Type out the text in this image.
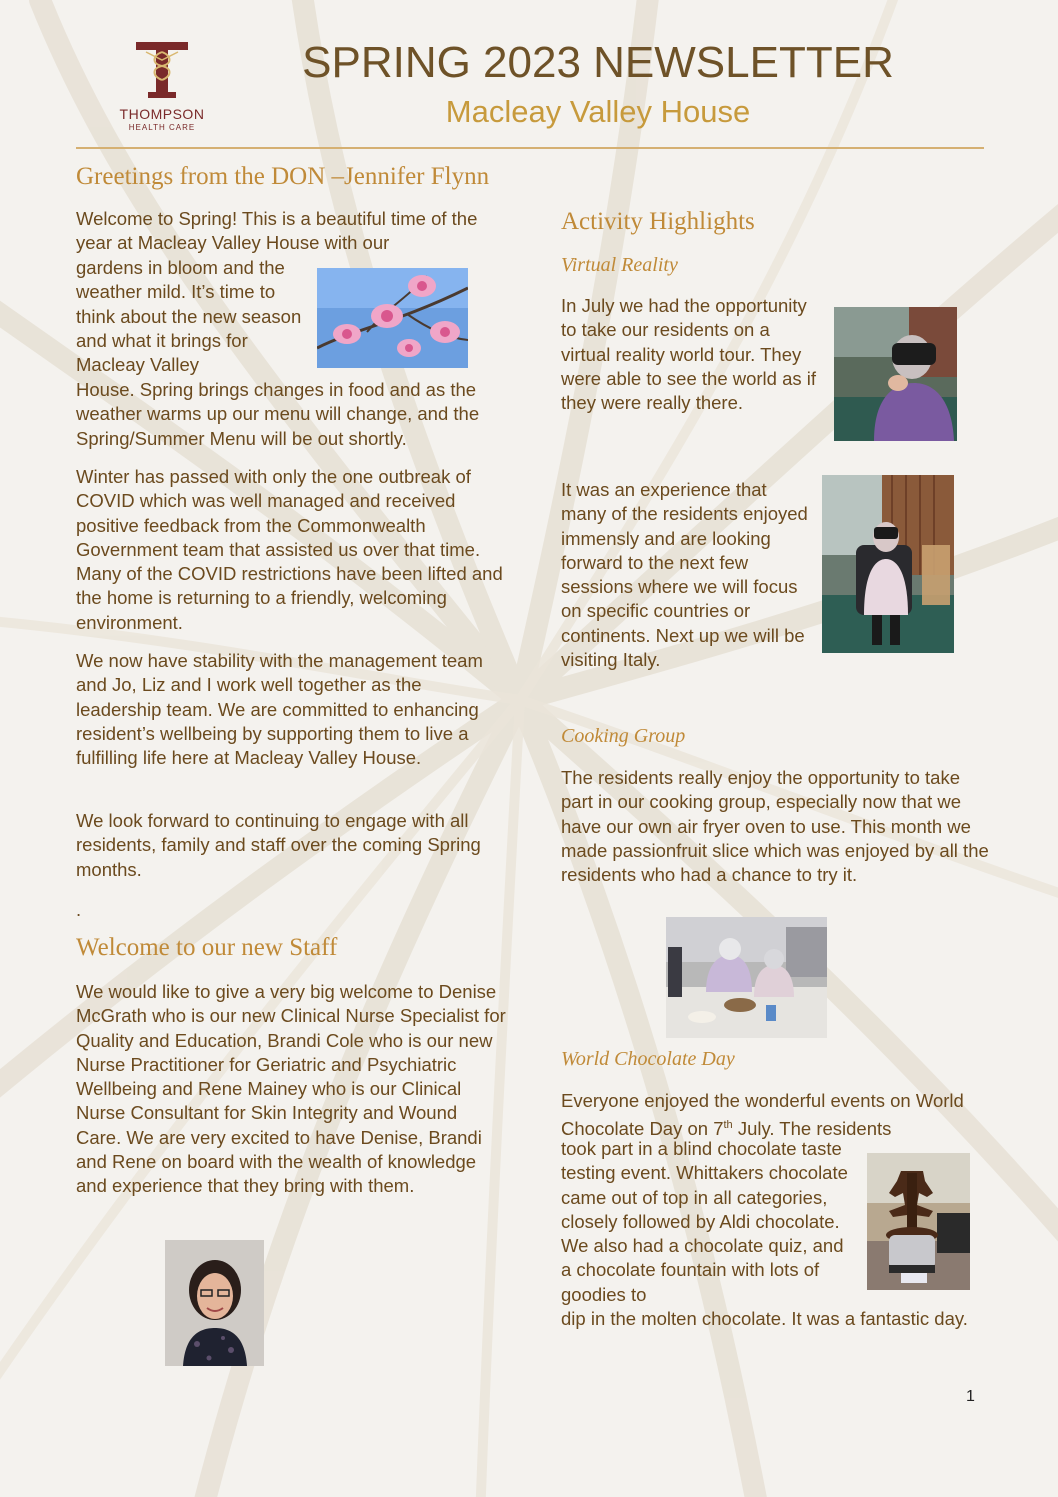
THOMPSON
HEALTH CARE
SPRING 2023 NEWSLETTER
Macleay Valley House
Greetings from the DON –Jennifer Flynn

Welcome to Spring! This is a beautiful time of the year at Macleay Valley House with our

gardens in bloom and the weather mild. It’s time to think about the new season and what it brings for Macleay Valley

House. Spring brings changes in food and as the weather warms up our menu will change, and the Spring/Summer Menu will be out shortly.

Winter has passed with only the one outbreak of COVID which was well managed and received positive feedback from the Commonwealth Government team that assisted us over that time. Many of the COVID restrictions have been lifted and the home is returning to a friendly, welcoming environment.

We now have stability with the management team and Jo, Liz and I work well together as the leadership team. We are committed to enhancing resident’s wellbeing by supporting them to live a fulfilling life here at Macleay Valley House.

We look forward to continuing to engage with all residents, family and staff over the coming Spring months.

.

Welcome to our new Staff

We would like to give a very big welcome to Denise McGrath who is our new Clinical Nurse Specialist for Quality and Education, Brandi Cole who is our new Nurse Practitioner for Geriatric and Psychiatric Wellbeing and Rene Mainey who is our Clinical Nurse Consultant for Skin Integrity and Wound Care. We are very excited to have Denise, Brandi and Rene on board with the wealth of knowledge and experience that they bring with them.

Activity Highlights
Virtual Reality

In July we had the opportunity to take our residents on a virtual reality world tour. They were able to see the world as if they were really there.

It was an experience that many of the residents enjoyed immensly and are looking forward to the next few sessions where we will focus on specific countries or continents. Next up we will be visiting Italy.

Cooking Group

The residents really enjoy the opportunity to take part in our cooking group, especially now that we have our own air fryer oven to use. This month we made passionfruit slice which was enjoyed by all the residents who had a chance to try it.

World Chocolate Day

Everyone enjoyed the wonderful events on World Chocolate Day on 7th July. The residents

took part in a blind chocolate taste testing event. Whittakers chocolate came out of top in all categories, closely followed by Aldi chocolate. We also had a chocolate quiz, and a chocolate fountain with lots of goodies to

dip in the molten chocolate. It was a fantastic day.

1
